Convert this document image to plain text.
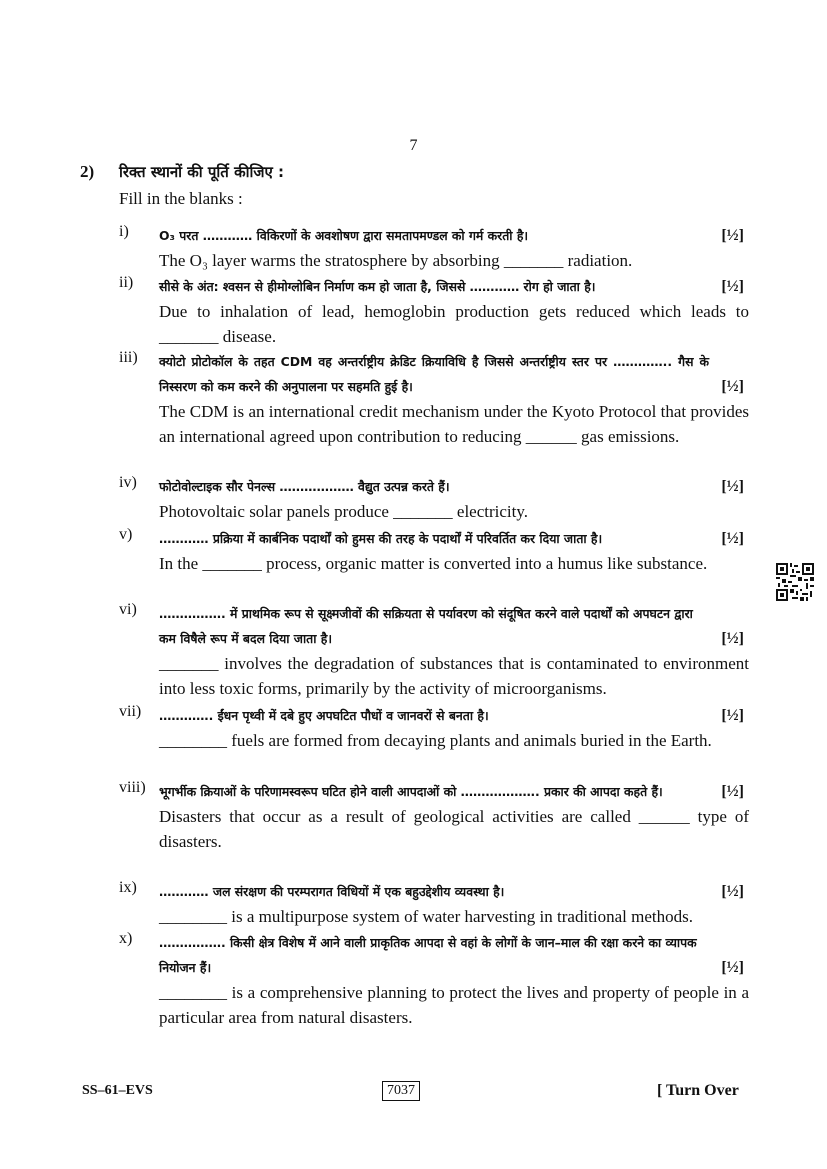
7
2) रिक्त स्थानों की पूर्ति कीजिए :
Fill in the blanks :
i) O₃ परत ………… विकिरणों के अवशोषण द्वारा समतापमण्डल को गर्म करती है।	[½]
The O₃ layer warms the stratosphere by absorbing _______ radiation.
ii) सीसे के अंत: श्वसन से हीमोग्लोबिन निर्माण कम हो जाता है, जिससे ………… रोग हो जाता है।	[½]
Due to inhalation of lead, hemoglobin production gets reduced which leads to _______ disease.
iii) क्योटो प्रोटोकॉल के तहत CDM वह अन्तर्राष्ट्रीय क्रेडिट क्रियाविधि है जिससे अन्तर्राष्ट्रीय स्तर पर ………….. गैस के निस्सरण को कम करने की अनुपालना पर सहमति हुई है।	[½]
The CDM is an international credit mechanism under the Kyoto Protocol that provides an international agreed upon contribution to reducing ______ gas emissions.
iv) फोटोवोल्टाइक सौर पेनल्स ……………… वैद्युत उत्पन्न करते हैं।	[½]
Photovoltaic solar panels produce _______ electricity.
v) ………… प्रक्रिया में कार्बनिक पदार्थों को हुमस की तरह के पदार्थों में परिवर्तित कर दिया जाता है।	[½]
In the _______ process, organic matter is converted into a humus like substance.
vi) ……………. में प्राथमिक रूप से सूक्ष्मजीवों की सक्रियता से पर्यावरण को संदूषित करने वाले पदार्थों को अपघटन द्वारा कम विषैले रूप में बदल दिया जाता है।	[½]
_______ involves the degradation of substances that is contaminated to environment into less toxic forms, primarily by the activity of microorganisms.
vii) …………. ईंधन पृथ्वी में दबे हुए अपघटित पौधों व जानवरों से बनता है।	[½]
________ fuels are formed from decaying plants and animals buried in the Earth.
viii) भूगर्भीक क्रियाओं के परिणामस्वरूप घटित होने वाली आपदाओं को ………………. प्रकार की आपदा कहते हैं।	[½]
Disasters that occur as a result of geological activities are called ______ type of disasters.
ix) ………… जल संरक्षण की परम्परागत विधियों में एक बहुउद्देशीय व्यवस्था है।	[½]
________ is a multipurpose system of water harvesting in traditional methods.
x) ……………. किसी क्षेत्र विशेष में आने वाली प्राकृतिक आपदा से वहां के लोगों के जान–माल की रक्षा करने का व्यापक नियोजन हैं।	[½]
________ is a comprehensive planning to protect the lives and property of people in a particular area from natural disasters.
SS–61–EVS	7037	[ Turn Over
